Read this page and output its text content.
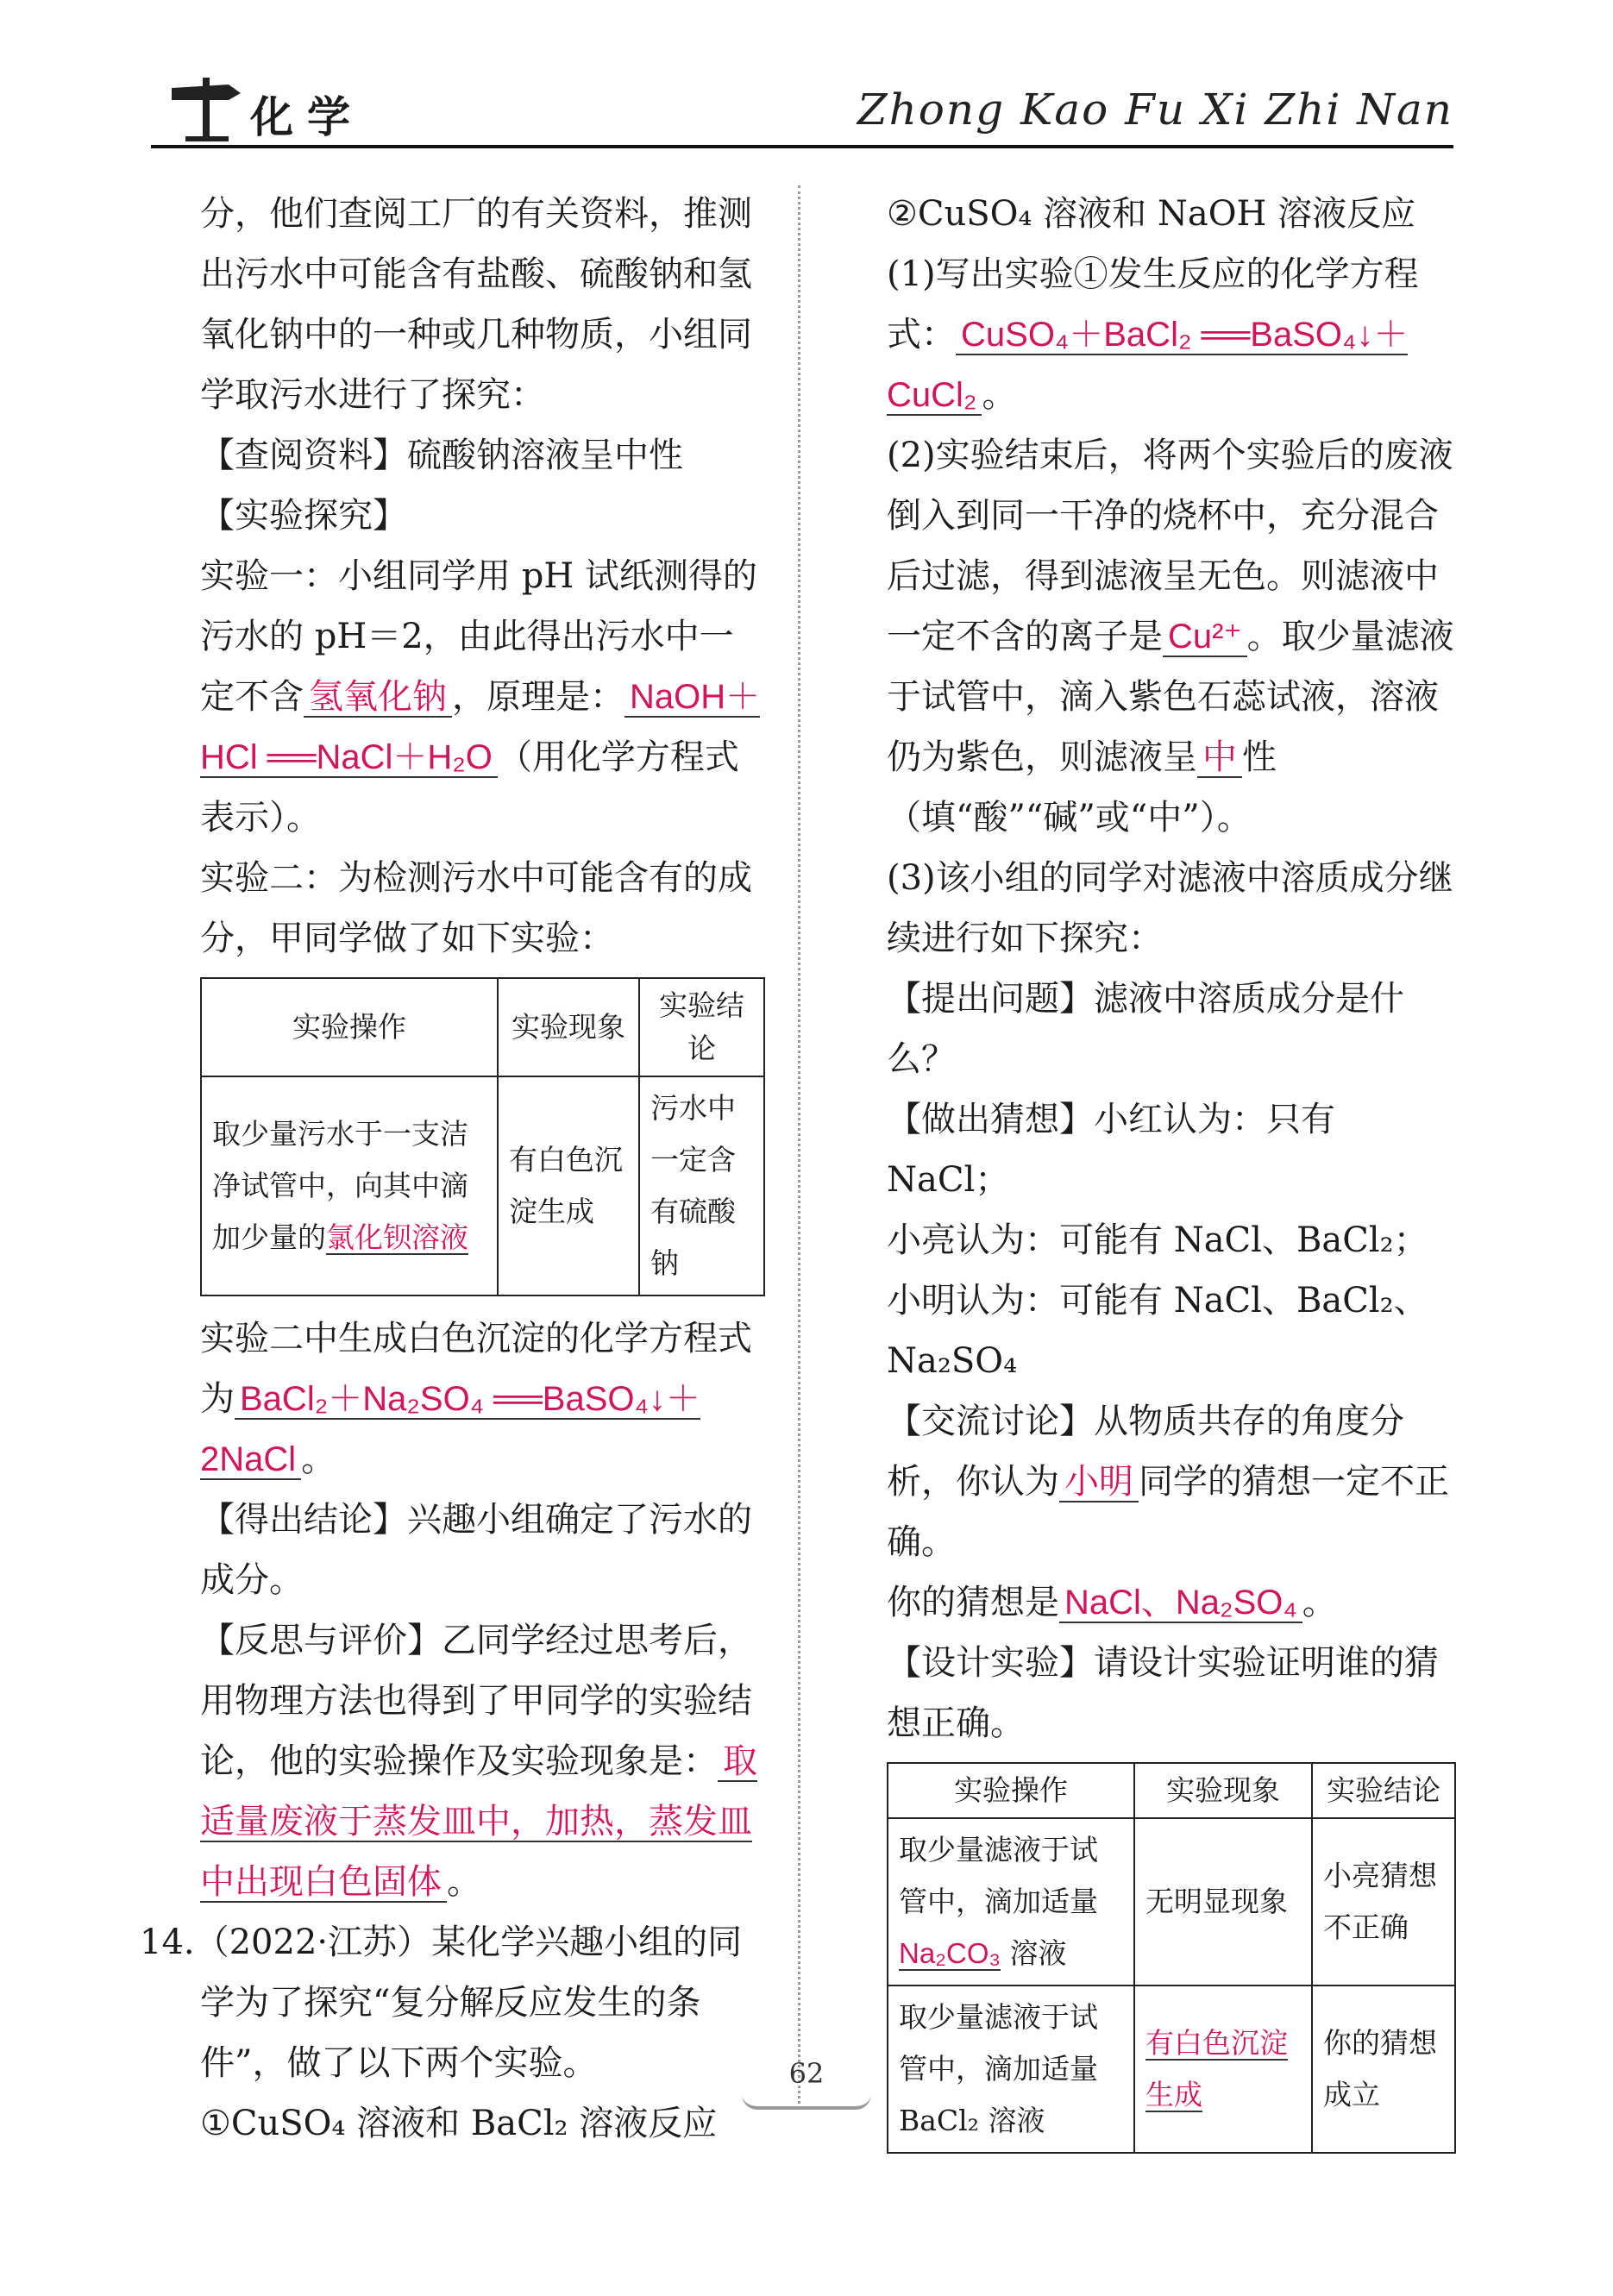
化学	Zhong Kao Fu Xi Zhi Nan

分，他们查阅工厂的有关资料，推测出污水中可能含有盐酸、硫酸钠和氢氧化钠中的一种或几种物质，小组同学取污水进行了探究：

【查阅资料】硫酸钠溶液呈中性

【实验探究】

实验一：小组同学用 pH 试纸测得的污水的 pH＝2，由此得出污水中一定不含 氢氧化钠 ，原理是： NaOH＋HCl ══NaCl＋H₂O （用化学方程式表示）。

实验二：为检测污水中可能含有的成分，甲同学做了如下实验：

实验操作	实验现象	实验结论
取少量污水于一支洁净试管中，向其中滴加少量的氯化钡溶液	有白色沉淀生成	污水中一定含有硫酸钠

实验二中生成白色沉淀的化学方程式为 BaCl₂＋Na₂SO₄ ══BaSO₄↓＋2NaCl 。

【得出结论】兴趣小组确定了污水的成分。

【反思与评价】乙同学经过思考后，用物理方法也得到了甲同学的实验结论，他的实验操作及实验现象是： 取适量废液于蒸发皿中，加热，蒸发皿中出现白色固体 。

14.（2022·江苏）某化学兴趣小组的同学为了探究“复分解反应发生的条件”，做了以下两个实验。

①CuSO₄ 溶液和 BaCl₂ 溶液反应

②CuSO₄ 溶液和 NaOH 溶液反应

(1)写出实验①发生反应的化学方程式： CuSO₄＋BaCl₂ ══BaSO₄↓＋CuCl₂ 。

(2)实验结束后，将两个实验后的废液倒入到同一干净的烧杯中，充分混合后过滤，得到滤液呈无色。则滤液中一定不含的离子是 Cu²⁺ 。取少量滤液于试管中，滴入紫色石蕊试液，溶液仍为紫色，则滤液呈 中 性（填“酸”“碱”或“中”）。

(3)该小组的同学对滤液中溶质成分继续进行如下探究：

【提出问题】滤液中溶质成分是什么？

【做出猜想】小红认为：只有 NaCl；

小亮认为：可能有 NaCl、BaCl₂；

小明认为：可能有 NaCl、BaCl₂、Na₂SO₄

【交流讨论】从物质共存的角度分析，你认为 小明 同学的猜想一定不正确。

你的猜想是 NaCl、Na₂SO₄ 。

【设计实验】请设计实验证明谁的猜想正确。

实验操作	实验现象	实验结论
取少量滤液于试管中，滴加适量Na₂CO₃ 溶液	无明显现象	小亮猜想不正确
取少量滤液于试管中，滴加适量 BaCl₂ 溶液	有白色沉淀生成	你的猜想成立
62
